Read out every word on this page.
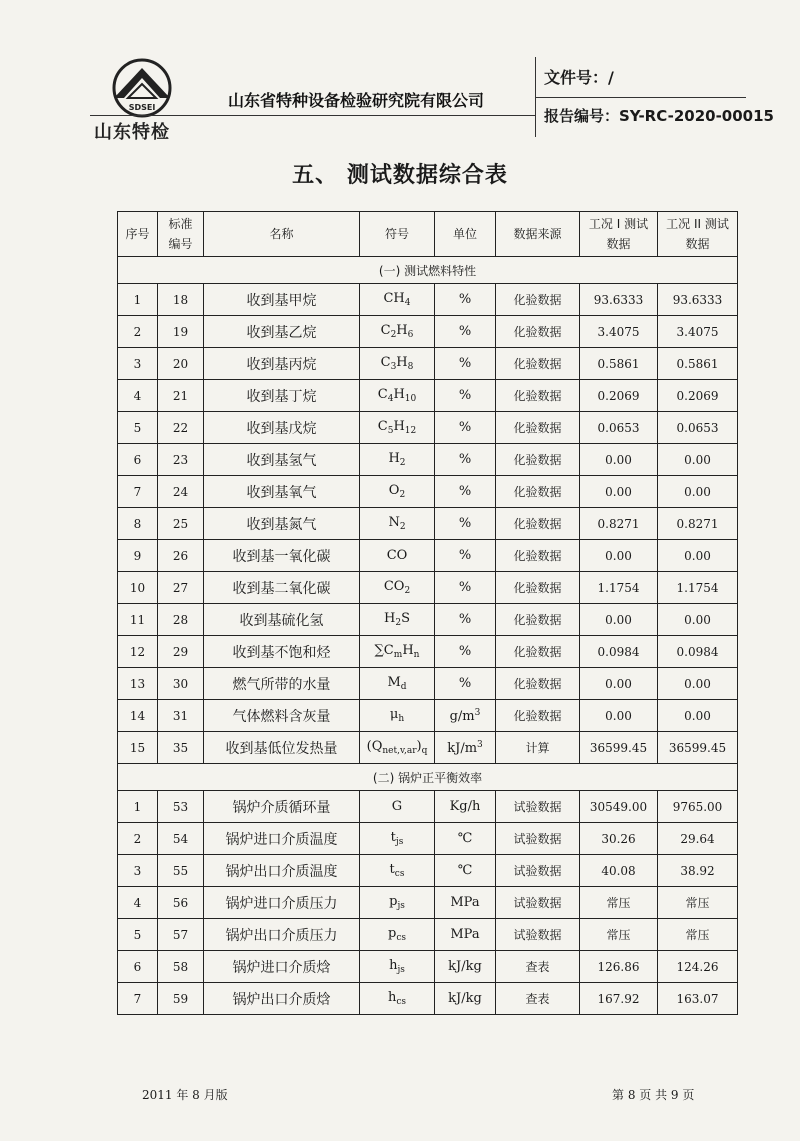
SDSEI
山东特检
山东省特种设备检验研究院有限公司
文件号：/
报告编号：SY-RC-2020-00015
五、 测试数据综合表
序号	标准编号	名称	符号	单位	数据来源	工况 I 测试数据	工况 II 测试数据
(一) 测试燃料特性							
1	18	收到基甲烷	$CH_4$	%	化验数据	93.6333	93.6333
2	19	收到基乙烷	$C_2H_6$	%	化验数据	3.4075	3.4075
3	20	收到基丙烷	$C_3H_8$	%	化验数据	0.5861	0.5861
4	21	收到基丁烷	$C_4H_{10}$	%	化验数据	0.2069	0.2069
5	22	收到基戊烷	$C_5H_{12}$	%	化验数据	0.0653	0.0653
6	23	收到基氢气	$H_2$	%	化验数据	0.00	0.00
7	24	收到基氧气	$O_2$	%	化验数据	0.00	0.00
8	25	收到基氮气	$N_2$	%	化验数据	0.8271	0.8271
9	26	收到基一氧化碳	CO	%	化验数据	0.00	0.00
10	27	收到基二氧化碳	$CO_2$	%	化验数据	1.1754	1.1754
11	28	收到基硫化氢	$H_2S$	%	化验数据	0.00	0.00
12	29	收到基不饱和烃	$\sum C_mH_n$	%	化验数据	0.0984	0.0984
13	30	燃气所带的水量	$M_d$	%	化验数据	0.00	0.00
14	31	气体燃料含灰量	$\mu_h$	$g/m^3$	化验数据	0.00	0.00
15	35	收到基低位发热量	$(Q_{net,v,ar})_q$	$kJ/m^3$	计算	36599.45	36599.45
(二) 锅炉正平衡效率							
1	53	锅炉介质循环量	G	Kg/h	试验数据	30549.00	9765.00
2	54	锅炉进口介质温度	$t_{js}$	℃	试验数据	30.26	29.64
3	55	锅炉出口介质温度	$t_{cs}$	℃	试验数据	40.08	38.92
4	56	锅炉进口介质压力	$p_{js}$	MPa	试验数据	常压	常压
5	57	锅炉出口介质压力	$p_{cs}$	MPa	试验数据	常压	常压
6	58	锅炉进口介质焓	$h_{js}$	kJ/kg	查表	126.86	124.26
7	59	锅炉出口介质焓	$h_{cs}$	kJ/kg	查表	167.92	163.07
2011 年 8 月版	第 8 页 共 9 页
